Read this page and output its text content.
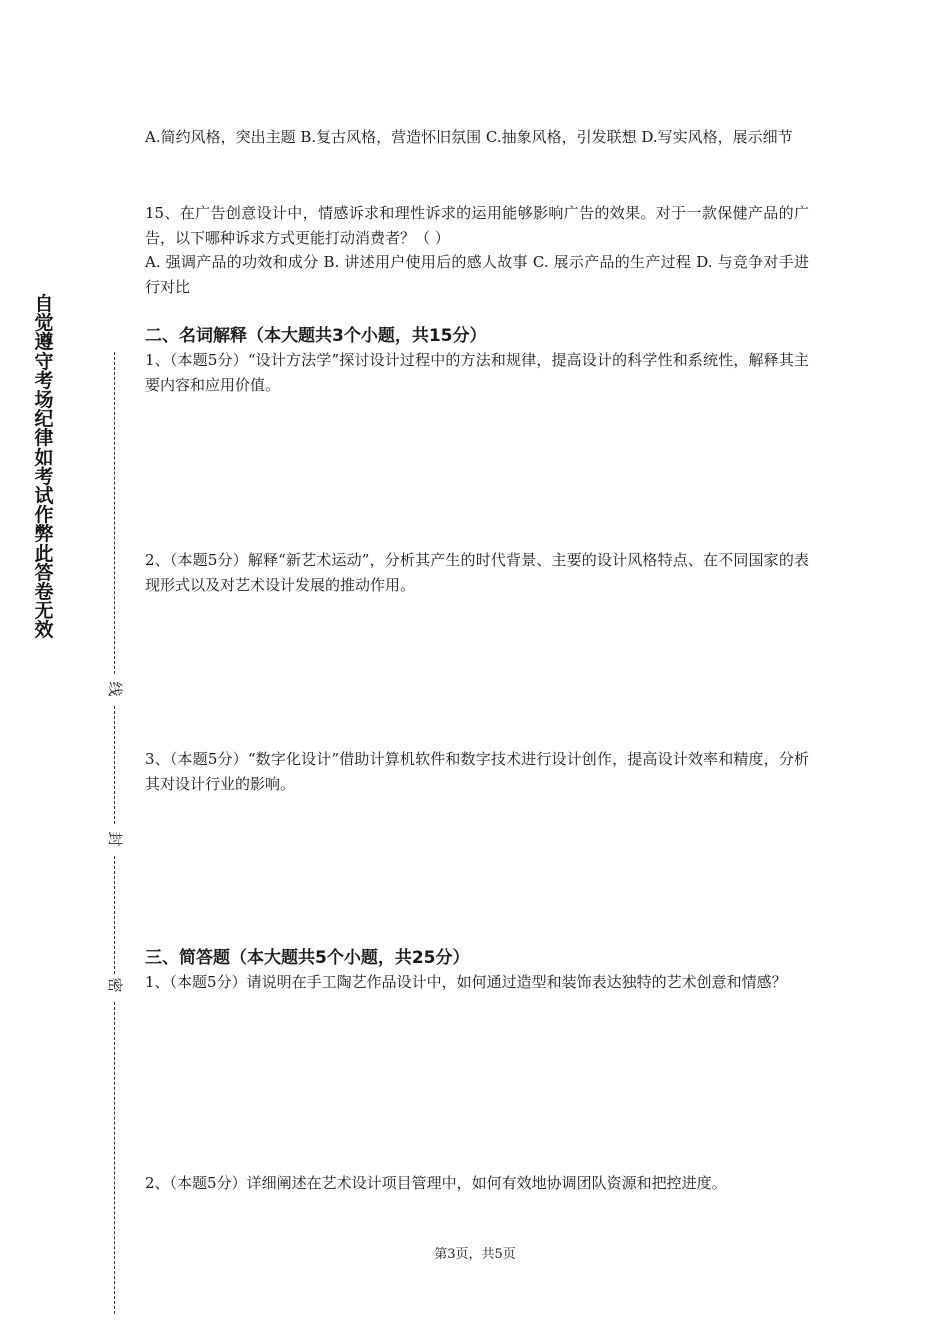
自觉遵守考场纪律如考试作弊此答卷无效
线
封
密
A.简约风格，突出主题 B.复古风格，营造怀旧氛围 C.抽象风格，引发联想 D.写实风格，展示细节
15、在广告创意设计中，情感诉求和理性诉求的运用能够影响广告的效果。对于一款保健产品的广告，以下哪种诉求方式更能打动消费者？（ ）
A. 强调产品的功效和成分 B. 讲述用户使用后的感人故事 C. 展示产品的生产过程 D. 与竞争对手进行对比
二、名词解释（本大题共3个小题，共15分）
1、（本题5分）“设计方法学”探讨设计过程中的方法和规律，提高设计的科学性和系统性，解释其主要内容和应用价值。
2、（本题5分）解释“新艺术运动”，分析其产生的时代背景、主要的设计风格特点、在不同国家的表现形式以及对艺术设计发展的推动作用。
3、（本题5分）“数字化设计”借助计算机软件和数字技术进行设计创作，提高设计效率和精度，分析其对设计行业的影响。
三、简答题（本大题共5个小题，共25分）
1、（本题5分）请说明在手工陶艺作品设计中，如何通过造型和装饰表达独特的艺术创意和情感？
2、（本题5分）详细阐述在艺术设计项目管理中，如何有效地协调团队资源和把控进度。
第3页，共5页
